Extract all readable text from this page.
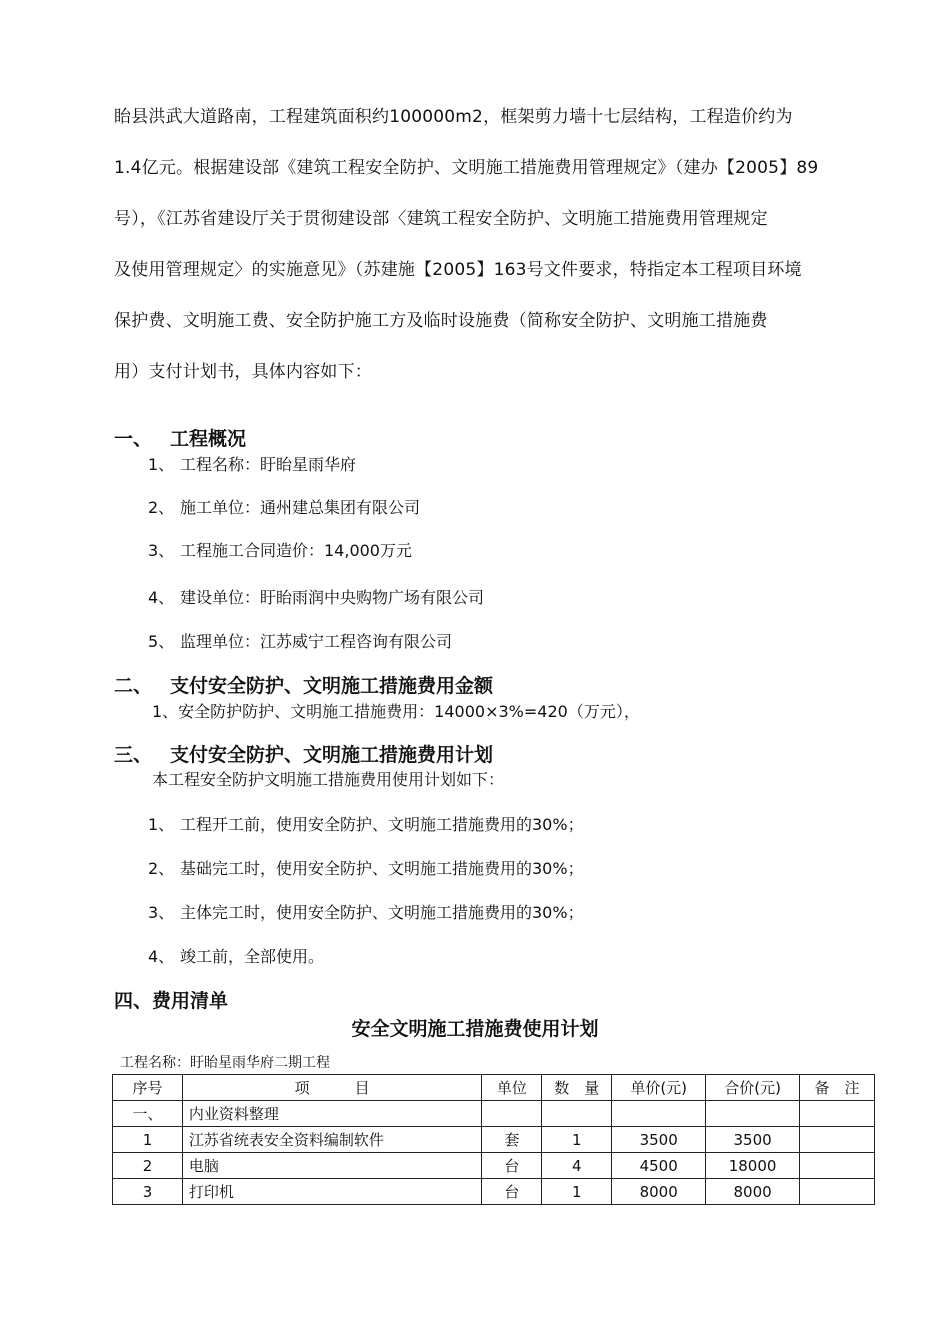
眙县洪武大道路南，工程建筑面积约100000m2，框架剪力墙十七层结构，工程造价约为
1.4亿元。根据建设部《建筑工程安全防护、文明施工措施费用管理规定》（建办【2005】89
号），《江苏省建设厅关于贯彻建设部〈建筑工程安全防护、文明施工措施费用管理规定
及使用管理规定〉的实施意见》（苏建施【2005】163号文件要求，特指定本工程项目环境
保护费、文明施工费、安全防护施工方及临时设施费（简称安全防护、文明施工措施费
用）支付计划书，具体内容如下：
一、 工程概况
1、 工程名称：盱眙星雨华府
2、 施工单位：通州建总集团有限公司
3、 工程施工合同造价：14,000万元
4、 建设单位：盱眙雨润中央购物广场有限公司
5、 监理单位：江苏威宁工程咨询有限公司
二、 支付安全防护、文明施工措施费用金额
1、安全防护防护、文明施工措施费用：14000×3%=420（万元），
三、 支付安全防护、文明施工措施费用计划
本工程安全防护文明施工措施费用使用计划如下：
1、 工程开工前，使用安全防护、文明施工措施费用的30%；
2、 基础完工时，使用安全防护、文明施工措施费用的30%；
3、 主体完工时，使用安全防护、文明施工措施费用的30%；
4、 竣工前，全部使用。
四、费用清单
安全文明施工措施费使用计划
工程名称：盱眙星雨华府二期工程
序号	项　　　目	单位	数　量	单价(元)	合价(元)	备　注
一、	内业资料整理					
1	江苏省统表安全资料编制软件	套	1	3500	3500	
2	电脑	台	4	4500	18000	
3	打印机	台	1	8000	8000	
